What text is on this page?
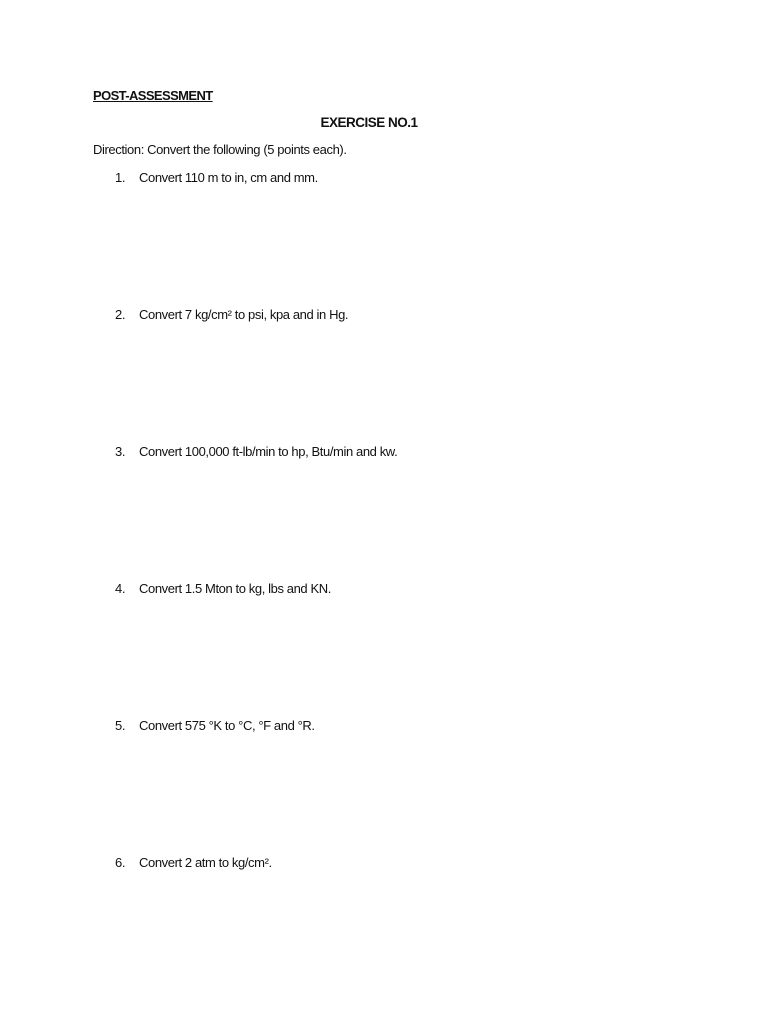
POST-ASSESSMENT
EXERCISE NO.1
Direction: Convert the following (5 points each).
1. Convert 110 m to in, cm and mm.
2. Convert 7 kg/cm² to psi, kpa and in Hg.
3. Convert 100,000 ft-lb/min to hp, Btu/min and kw.
4. Convert 1.5 Mton to kg, lbs and KN.
5. Convert 575 °K to °C, °F and °R.
6. Convert 2 atm to kg/cm².
